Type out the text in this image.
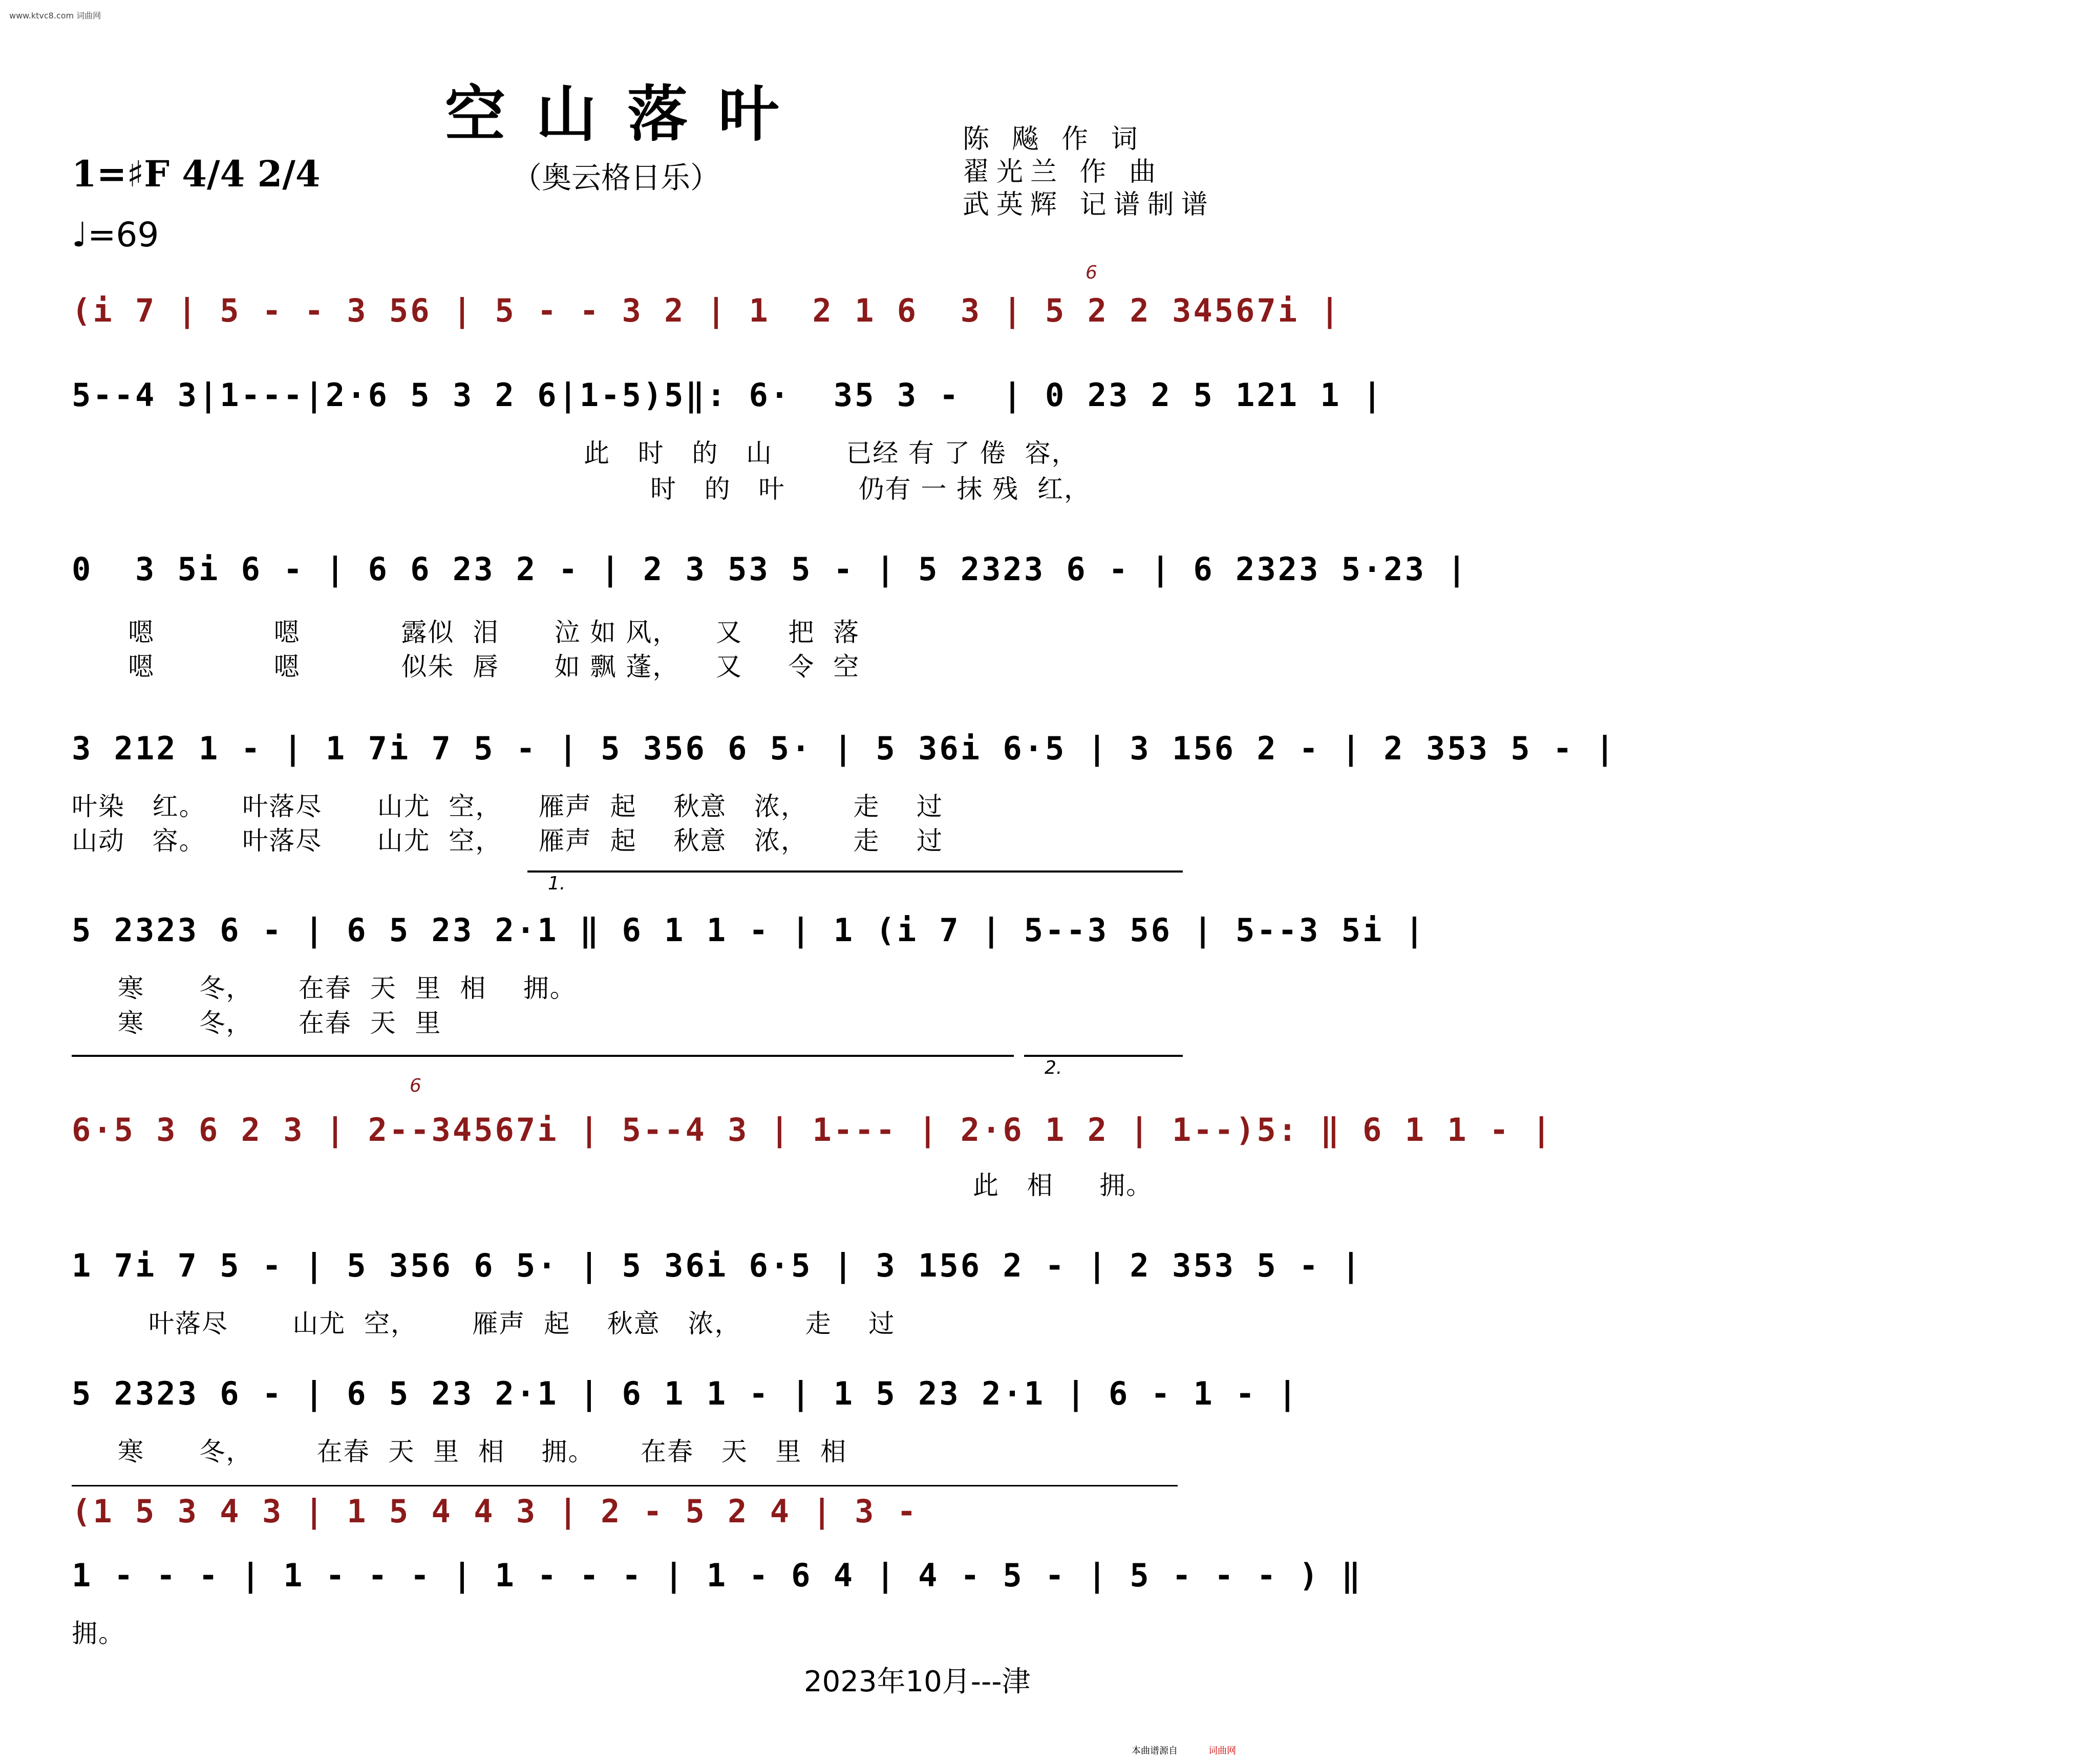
www.ktvc8.com 词曲网
空山落叶
（奥云格日乐）
陈 飚 作 词
翟光兰 作 曲
武英辉 记谱制谱
1=♯F 4/4 2/4
♩=69
(i 7 | 5 - - 3 56 | 5 - - 3 2 | 1  2 1 6  3 | 5 2 2 34567i |
6
5--4 3|1---|2·6 5 3 2 6|1-5)5‖: 6·  35 3 -  | 0 23 2 5 121 1 |
此   时   的   山        已经 有 了 倦  容，
时   的   叶        仍有 一 抹 残  红，
0  3 5i 6 - | 6 6 23 2 - | 2 3 53 5 - | 5 2323 6 - | 6 2323 5·23 |
嗯             嗯           露似  泪      泣 如 风，    又     把  落
嗯             嗯           似朱  唇      如 飘 蓬，    又     令  空
3 212 1 - | 1 7i 7 5 - | 5 356 6 5· | 5 36i 6·5 | 3 156 2 - | 2 353 5 - |
叶染   红。    叶落尽      山尤  空，    雁声  起    秋意   浓，     走    过
山动   容。    叶落尽      山尤  空，    雁声  起    秋意   浓，     走    过
1.
5 2323 6 - | 6 5 23 2·1 ‖ 6 1 1 - | 1 (i 7 | 5--3 56 | 5--3 5i |
寒      冬，     在春  天  里  相    拥。
寒      冬，     在春  天  里
2.
6
6·5 3 6 2 3 | 2--34567i | 5--4 3 | 1--- | 2·6 1 2 | 1--)5: ‖ 6 1 1 - |
此   相     拥。
1 7i 7 5 - | 5 356 6 5· | 5 36i 6·5 | 3 156 2 - | 2 353 5 - |
叶落尽       山尤  空，      雁声  起    秋意   浓，       走    过
5 2323 6 - | 6 5 23 2·1 | 6 1 1 - | 1 5 23 2·1 | 6 - 1 - |
寒      冬，       在春  天  里  相    拥。     在春   天   里  相
(1 5 3 4 3 | 1 5 4 4 3 | 2 - 5 2 4 | 3 -
1 - - - | 1 - - - | 1 - - - | 1 - 6 4 | 4 - 5 - | 5 - - - ) ‖
拥。
2023年10月---津
本曲谱源自	词曲网
